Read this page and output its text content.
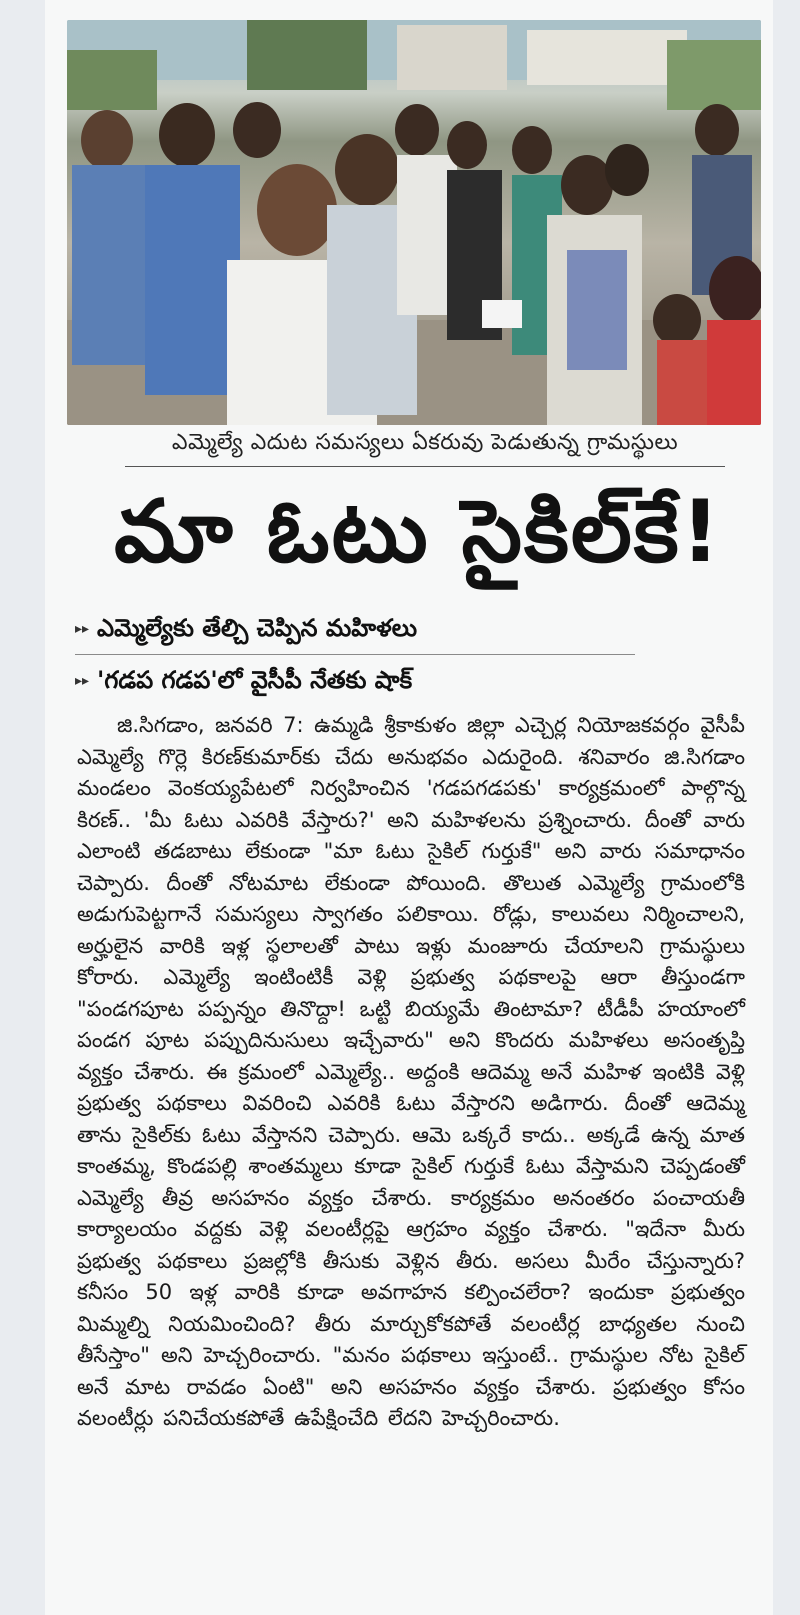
ఎమ్మెల్యే ఎదుట సమస్యలు ఏకరువు పెడుతున్న గ్రామస్థులు
మా ఓటు సైకిల్‌కే!
▸▸ ఎమ్మెల్యేకు తేల్చి చెప్పిన మహిళలు
▸▸ 'గడప గడప'లో వైసీపీ నేతకు షాక్
జి.సిగడాం, జనవరి 7: ఉమ్మడి శ్రీకాకుళం జిల్లా ఎచ్చెర్ల నియోజకవర్గం వైసీపీ ఎమ్మెల్యే గొర్లె కిరణ్‌కుమార్‌కు చేదు అనుభవం ఎదురైంది. శనివారం జి.సిగడాం మండలం వెంకయ్యపేటలో నిర్వహించిన 'గడపగడపకు' కార్యక్రమంలో పాల్గొన్న కిరణ్.. 'మీ ఓటు ఎవరికి వేస్తారు?' అని మహిళలను ప్రశ్నించారు. దీంతో వారు ఎలాంటి తడబాటు లేకుండా "మా ఓటు సైకిల్ గుర్తుకే" అని వారు సమాధానం చెప్పారు. దీంతో నోటమాట లేకుండా పోయింది. తొలుత ఎమ్మెల్యే గ్రామంలోకి అడుగుపెట్టగానే సమస్యలు స్వాగతం పలికాయి. రోడ్లు, కాలువలు నిర్మించాలని, అర్హులైన వారికి ఇళ్ల స్థలాలతో పాటు ఇళ్లు మంజూరు చేయాలని గ్రామస్థులు కోరారు. ఎమ్మెల్యే ఇంటింటికీ వెళ్లి ప్రభుత్వ పథకాలపై ఆరా తీస్తుండగా "పండగపూట పప్పన్నం తినొద్దా! ఒట్టి బియ్యమే తింటామా? టీడీపీ హయాంలో పండగ పూట పప్పుదినుసులు ఇచ్చేవారు" అని కొందరు మహిళలు అసంతృప్తి వ్యక్తం చేశారు. ఈ క్రమంలో ఎమ్మెల్యే.. అద్దంకి ఆదెమ్మ అనే మహిళ ఇంటికి వెళ్లి ప్రభుత్వ పథకాలు వివరించి ఎవరికి ఓటు వేస్తారని అడిగారు. దీంతో ఆదెమ్మ తాను సైకిల్‌కు ఓటు వేస్తానని చెప్పారు. ఆమె ఒక్కరే కాదు.. అక్కడే ఉన్న మాత కాంతమ్మ, కొండపల్లి శాంతమ్మలు కూడా సైకిల్ గుర్తుకే ఓటు వేస్తామని చెప్పడంతో ఎమ్మెల్యే తీవ్ర అసహనం వ్యక్తం చేశారు. కార్యక్రమం అనంతరం పంచాయతీ కార్యాలయం వద్దకు వెళ్లి వలంటీర్లపై ఆగ్రహం వ్యక్తం చేశారు. "ఇదేనా మీరు ప్రభుత్వ పథకాలు ప్రజల్లోకి తీసుకు వెళ్లిన తీరు. అసలు మీరేం చేస్తున్నారు? కనీసం 50 ఇళ్ల వారికి కూడా అవగాహన కల్పించలేరా? ఇందుకా ప్రభుత్వం మిమ్మల్ని నియమించింది? తీరు మార్చుకోకపోతే వలంటీర్ల బాధ్యతల నుంచి తీసేస్తాం" అని హెచ్చరించారు. "మనం పథకాలు ఇస్తుంటే.. గ్రామస్థుల నోట సైకిల్ అనే మాట రావడం ఏంటి" అని అసహనం వ్యక్తం చేశారు. ప్రభుత్వం కోసం వలంటీర్లు పనిచేయకపోతే ఉపేక్షించేది లేదని హెచ్చరించారు.
